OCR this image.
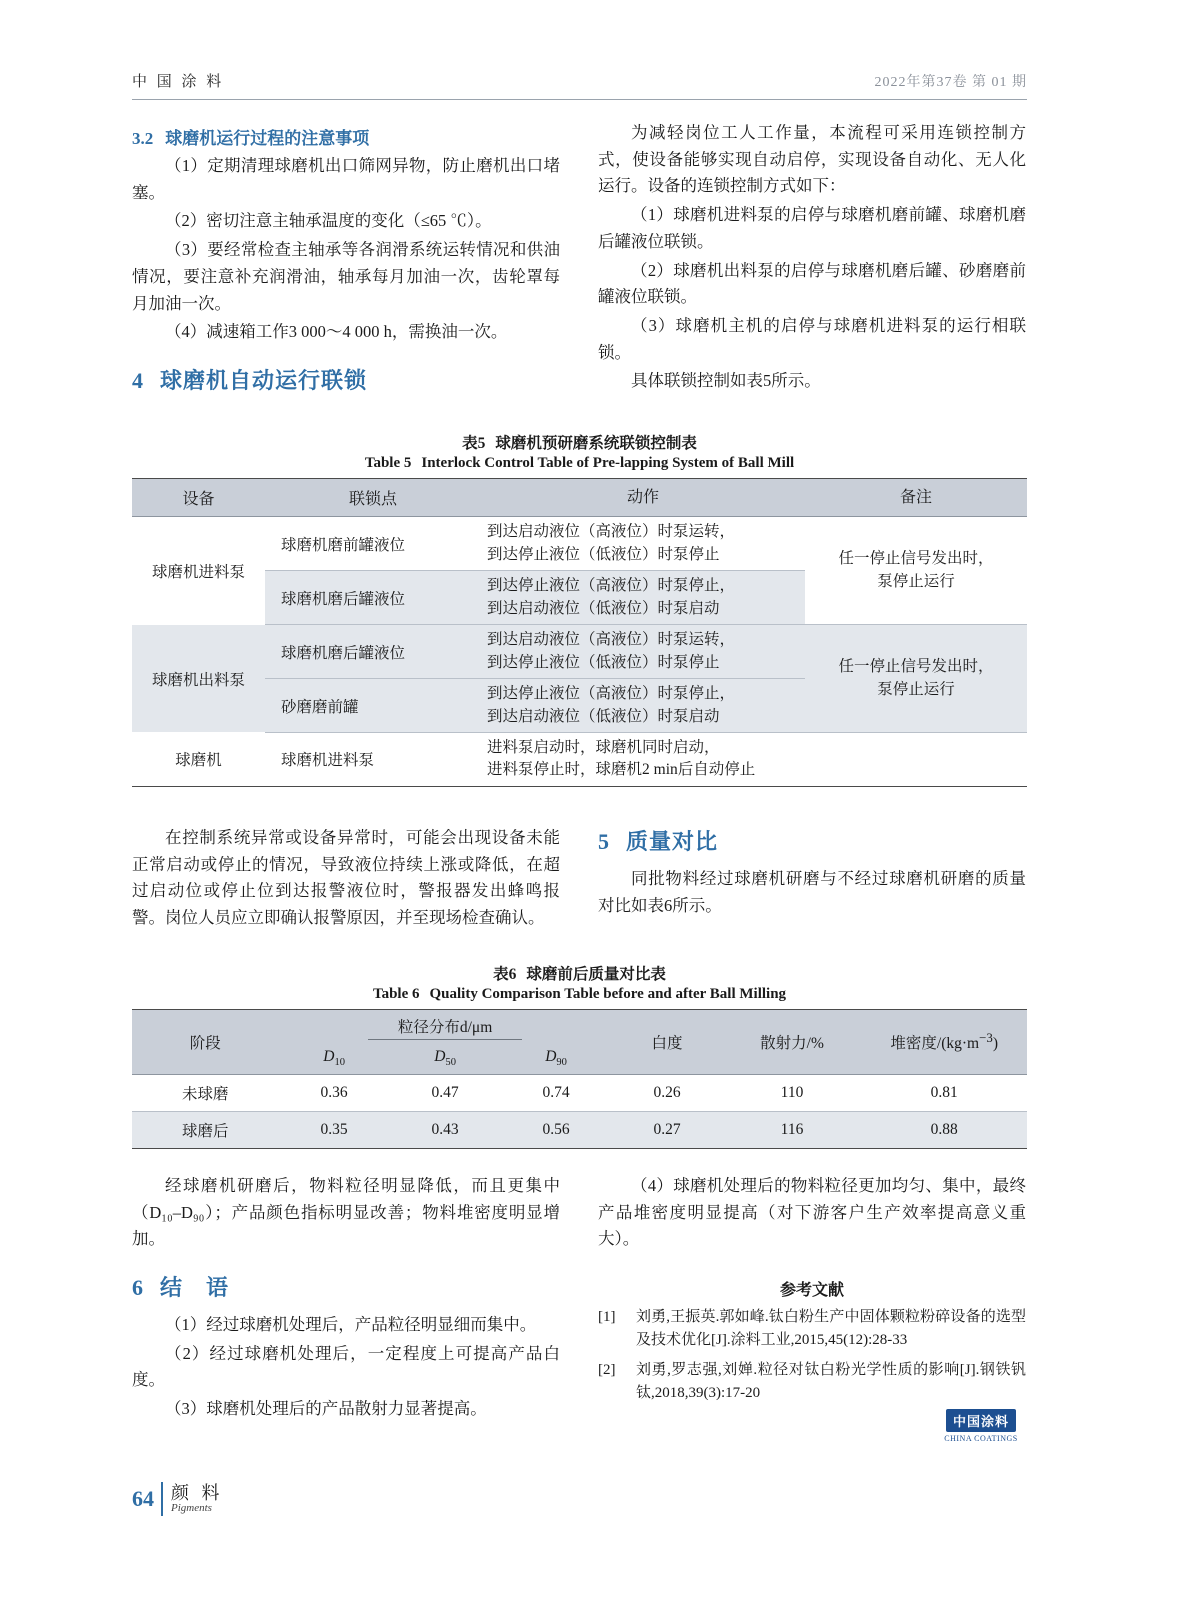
中 国 涂 料	2022年第37卷 第 01 期
3.2 球磨机运行过程的注意事项

（1）定期清理球磨机出口筛网异物，防止磨机出口堵塞。

（2）密切注意主轴承温度的变化（≤65 ℃）。

（3）要经常检查主轴承等各润滑系统运转情况和供油情况，要注意补充润滑油，轴承每月加油一次，齿轮罩每月加油一次。

（4）减速箱工作3 000～4 000 h，需换油一次。

4 球磨机自动运行联锁

为减轻岗位工人工作量，本流程可采用连锁控制方式，使设备能够实现自动启停，实现设备自动化、无人化运行。设备的连锁控制方式如下：

（1）球磨机进料泵的启停与球磨机磨前罐、球磨机磨后罐液位联锁。

（2）球磨机出料泵的启停与球磨机磨后罐、砂磨磨前罐液位联锁。

（3）球磨机主机的启停与球磨机进料泵的运行相联锁。

具体联锁控制如表5所示。

表5 球磨机预研磨系统联锁控制表
Table 5 Interlock Control Table of Pre-lapping System of Ball Mill
设备	联锁点	动作	备注
球磨机进料泵	球磨机磨前罐液位	到达启动液位（高液位）时泵运转，
到达停止液位（低液位）时泵停止	任一停止信号发出时，
泵停止运行
	球磨机磨后罐液位	到达停止液位（高液位）时泵停止，
到达启动液位（低液位）时泵启动	
球磨机出料泵	球磨机磨后罐液位	到达启动液位（高液位）时泵运转，
到达停止液位（低液位）时泵停止	任一停止信号发出时，
泵停止运行
	砂磨磨前罐	到达停止液位（高液位）时泵停止，
到达启动液位（低液位）时泵启动	
球磨机	球磨机进料泵	进料泵启动时，球磨机同时启动，
进料泵停止时，球磨机2 min后自动停止	

在控制系统异常或设备异常时，可能会出现设备未能正常启动或停止的情况，导致液位持续上涨或降低，在超过启动位或停止位到达报警液位时，警报器发出蜂鸣报警。岗位人员应立即确认报警原因，并至现场检查确认。

5 质量对比

同批物料经过球磨机研磨与不经过球磨机研磨的质量对比如表6所示。

表6 球磨前后质量对比表
Table 6 Quality Comparison Table before and after Ball Milling
阶段	粒径分布d/μm			白度	散射力/%	堆密度$/(kg\cdot m^{-3})$
	$D_{10}$	$D_{50}$	$D_{90}$
未球磨	0.36	0.47	0.74	0.26	110	0.81
球磨后	0.35	0.43	0.56	0.27	116	0.88

经球磨机研磨后，物料粒径明显降低，而且更集中（D₁₀–D₉₀）；产品颜色指标明显改善；物料堆密度明显增加。

6 结　语

（1）经过球磨机处理后，产品粒径明显细而集中。

（2）经过球磨机处理后，一定程度上可提高产品白度。

（3）球磨机处理后的产品散射力显著提高。

（4）球磨机处理后的物料粒径更加均匀、集中，最终产品堆密度明显提高（对下游客户生产效率提高意义重大）。

参考文献
[1]	刘勇,王振英.郭如峰.钛白粉生产中固体颗粒粉碎设备的选型及技术优化[J].涂料工业,2015,45(12):28-33
[2]	刘勇,罗志强,刘婵.粒径对钛白粉光学性质的影响[J].钢铁钒钛,2018,39(3):17-20
中国涂料
CHINA COATINGS
64 颜 料
Pigments
